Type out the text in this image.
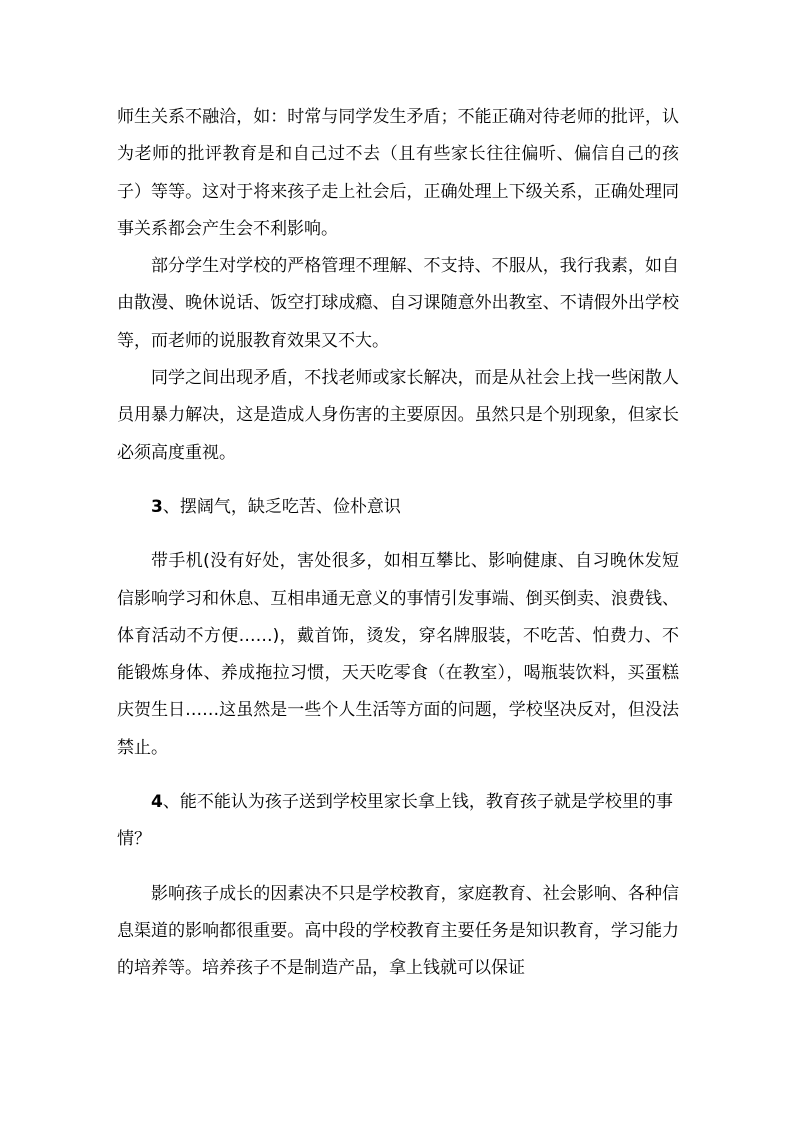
师生关系不融洽，如：时常与同学发生矛盾；不能正确对待老师的批评，认为老师的批评教育是和自己过不去（且有些家长往往偏听、偏信自己的孩子）等等。这对于将来孩子走上社会后，正确处理上下级关系，正确处理同事关系都会产生会不利影响。

部分学生对学校的严格管理不理解、不支持、不服从，我行我素，如自由散漫、晚休说话、饭空打球成瘾、自习课随意外出教室、不请假外出学校等，而老师的说服教育效果又不大。

同学之间出现矛盾，不找老师或家长解决，而是从社会上找一些闲散人员用暴力解决，这是造成人身伤害的主要原因。虽然只是个别现象，但家长必须高度重视。

3、摆阔气，缺乏吃苦、俭朴意识

带手机(没有好处，害处很多，如相互攀比、影响健康、自习晚休发短信影响学习和休息、互相串通无意义的事情引发事端、倒买倒卖、浪费钱、体育活动不方便……)，戴首饰，烫发，穿名牌服装，不吃苦、怕费力、不能锻炼身体、养成拖拉习惯，天天吃零食（在教室），喝瓶装饮料，买蛋糕庆贺生日……这虽然是一些个人生活等方面的问题，学校坚决反对，但没法禁止。

4、能不能认为孩子送到学校里家长拿上钱，教育孩子就是学校里的事情？

影响孩子成长的因素决不只是学校教育，家庭教育、社会影响、各种信息渠道的影响都很重要。高中段的学校教育主要任务是知识教育，学习能力的培养等。培养孩子不是制造产品，拿上钱就可以保证
